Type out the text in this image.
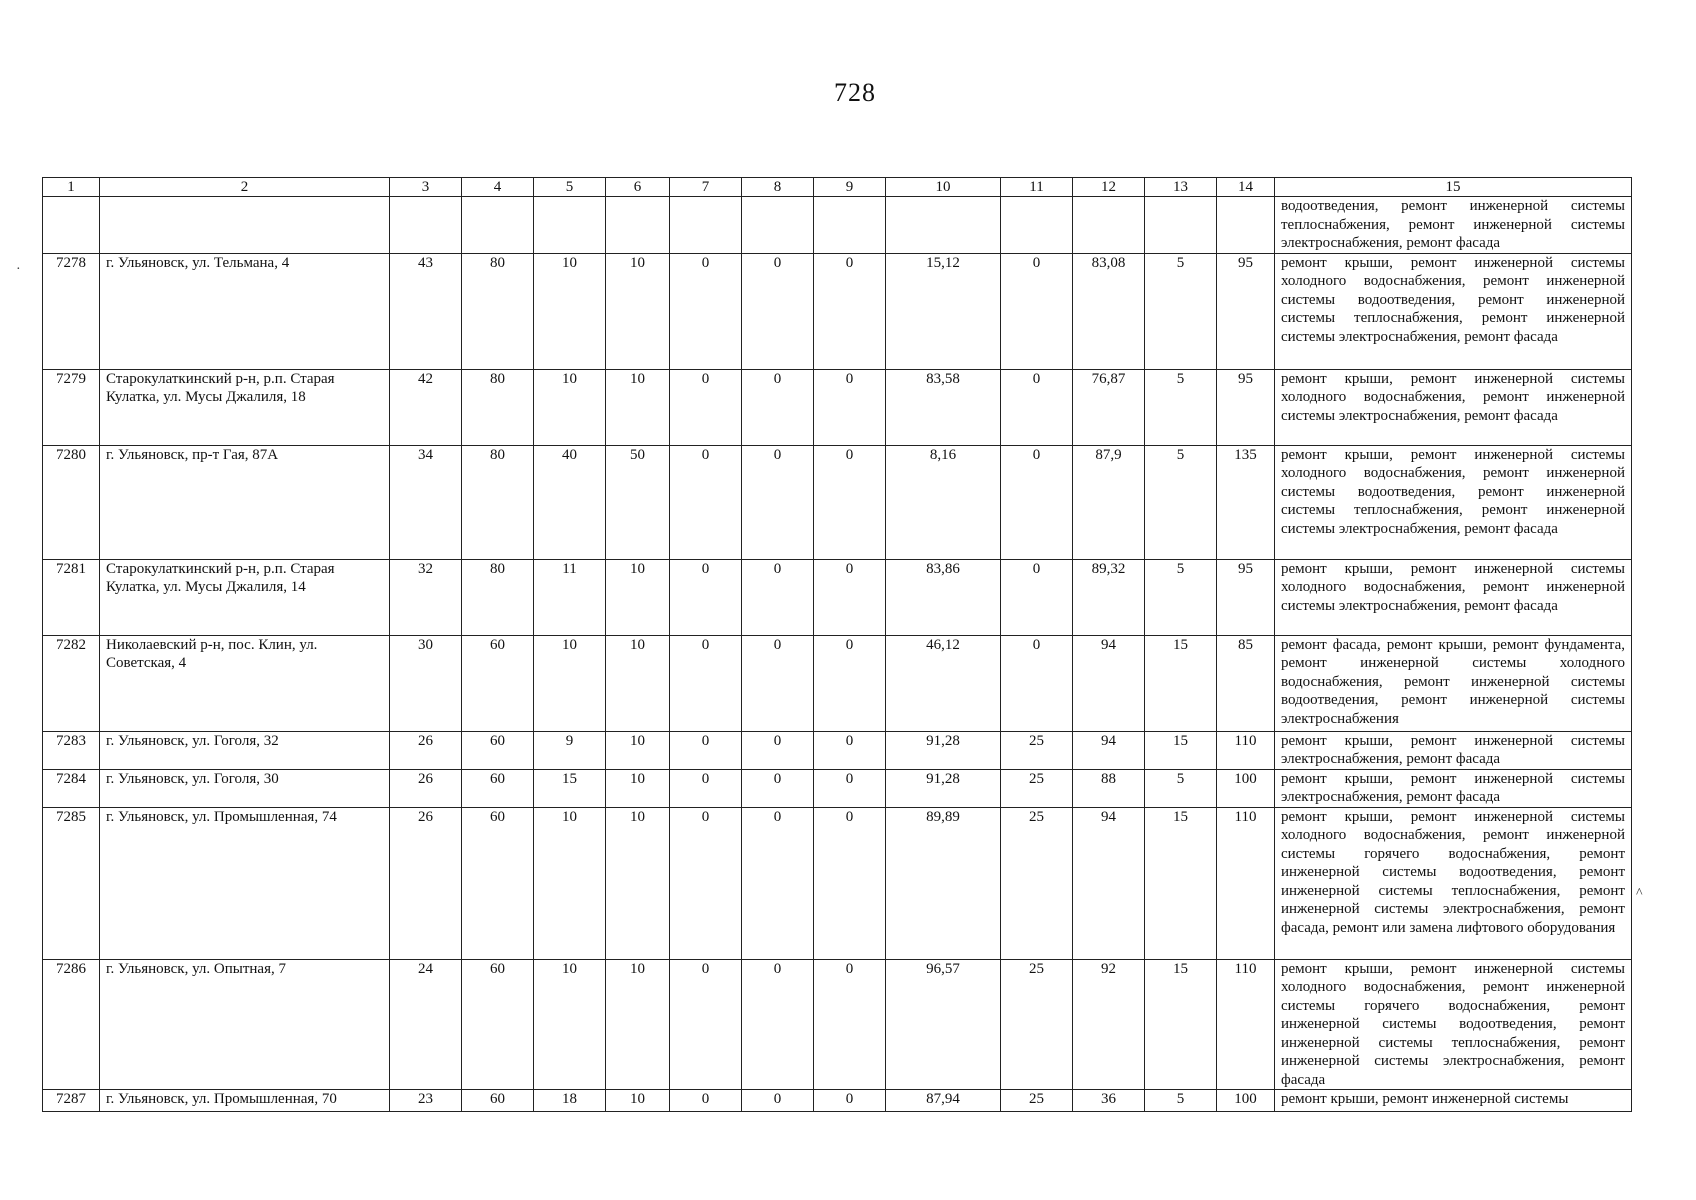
728
1	2	3	4	5	6	7	8	9	10	11	12	13	14	15
														водоотведения, ремонт инженерной системы теплоснабжения, ремонт инженерной системы электроснабжения, ремонт фасада
7278	г. Ульяновск, ул. Тельмана, 4	43	80	10	10	0	0	0	15,12	0	83,08	5	95	ремонт крыши, ремонт инженерной системы холодного водоснабжения, ремонт инженерной системы водоотведения, ремонт инженерной системы теплоснабжения, ремонт инженерной системы электроснабжения, ремонт фасада
7279	Старокулаткинский р-н, р.п. Старая Кулатка, ул. Мусы Джалиля, 18	42	80	10	10	0	0	0	83,58	0	76,87	5	95	ремонт крыши, ремонт инженерной системы холодного водоснабжения, ремонт инженерной системы электроснабжения, ремонт фасада
7280	г. Ульяновск, пр-т Гая, 87А	34	80	40	50	0	0	0	8,16	0	87,9	5	135	ремонт крыши, ремонт инженерной системы холодного водоснабжения, ремонт инженерной системы водоотведения, ремонт инженерной системы теплоснабжения, ремонт инженерной системы электроснабжения, ремонт фасада
7281	Старокулаткинский р-н, р.п. Старая Кулатка, ул. Мусы Джалиля, 14	32	80	11	10	0	0	0	83,86	0	89,32	5	95	ремонт крыши, ремонт инженерной системы холодного водоснабжения, ремонт инженерной системы электроснабжения, ремонт фасада
7282	Николаевский р-н, пос. Клин, ул. Советская, 4	30	60	10	10	0	0	0	46,12	0	94	15	85	ремонт фасада, ремонт крыши, ремонт фундамента, ремонт инженерной системы холодного водоснабжения, ремонт инженерной системы водоотведения, ремонт инженерной системы электроснабжения
7283	г. Ульяновск, ул. Гоголя, 32	26	60	9	10	0	0	0	91,28	25	94	15	110	ремонт крыши, ремонт инженерной системы электроснабжения, ремонт фасада
7284	г. Ульяновск, ул. Гоголя, 30	26	60	15	10	0	0	0	91,28	25	88	5	100	ремонт крыши, ремонт инженерной системы электроснабжения, ремонт фасада
7285	г. Ульяновск, ул. Промышленная, 74	26	60	10	10	0	0	0	89,89	25	94	15	110	ремонт крыши, ремонт инженерной системы холодного водоснабжения, ремонт инженерной системы горячего водоснабжения, ремонт инженерной системы водоотведения, ремонт инженерной системы теплоснабжения, ремонт инженерной системы электроснабжения, ремонт фасада, ремонт или замена лифтового оборудования
7286	г. Ульяновск, ул. Опытная, 7	24	60	10	10	0	0	0	96,57	25	92	15	110	ремонт крыши, ремонт инженерной системы холодного водоснабжения, ремонт инженерной системы горячего водоснабжения, ремонт инженерной системы водоотведения, ремонт инженерной системы теплоснабжения, ремонт инженерной системы электроснабжения, ремонт фасада
7287	г. Ульяновск, ул. Промышленная, 70	23	60	18	10	0	0	0	87,94	25	36	5	100	ремонт крыши, ремонт инженерной системы
·
^
